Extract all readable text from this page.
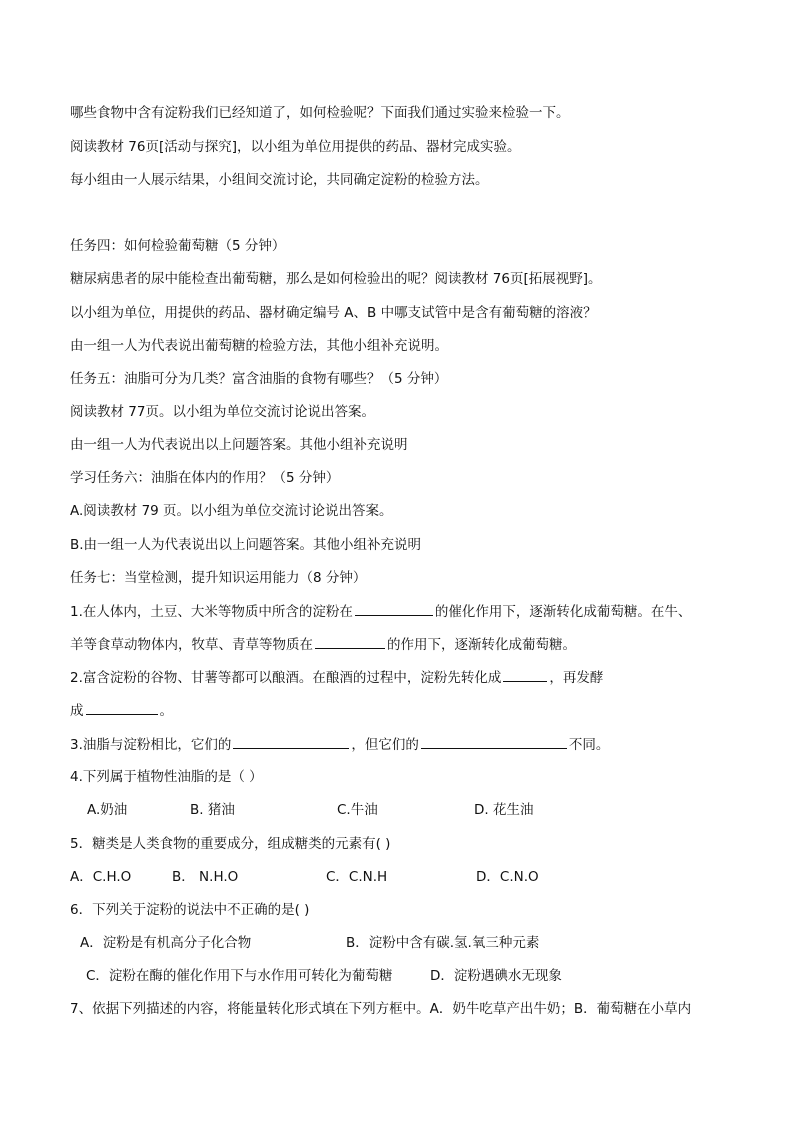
哪些食物中含有淀粉我们已经知道了，如何检验呢？下面我们通过实验来检验一下。
阅读教材 76页[活动与探究]，以小组为单位用提供的药品、器材完成实验。
每小组由一人展示结果，小组间交流讨论，共同确定淀粉的检验方法。
任务四：如何检验葡萄糖（5 分钟）
糖尿病患者的尿中能检查出葡萄糖，那么是如何检验出的呢？阅读教材 76页[拓展视野]。
以小组为单位，用提供的药品、器材确定编号 A、B 中哪支试管中是含有葡萄糖的溶液？
由一组一人为代表说出葡萄糖的检验方法，其他小组补充说明。
任务五：油脂可分为几类？富含油脂的食物有哪些？（5 分钟）
阅读教材 77页。以小组为单位交流讨论说出答案。
由一组一人为代表说出以上问题答案。其他小组补充说明
学习任务六：油脂在体内的作用？（5 分钟）
A.阅读教材 79 页。以小组为单位交流讨论说出答案。
B.由一组一人为代表说出以上问题答案。其他小组补充说明
任务七：当堂检测，提升知识运用能力（8 分钟）
1.在人体内，土豆、大米等物质中所含的淀粉在	的催化作用下，逐渐转化成葡萄糖。在牛、
羊等食草动物体内，牧草、青草等物质在	的作用下，逐渐转化成葡萄糖。
2.富含淀粉的谷物、甘薯等都可以酿酒。在酿酒的过程中，淀粉先转化成	，再发酵
成	。
3.油脂与淀粉相比，它们的	，但它们的	不同。
4.下列属于植物性油脂的是（ ）
A.奶油	B. 猪油	C.牛油	D. 花生油
5．糖类是人类食物的重要成分，组成糖类的元素有( )
A．C.H.O	B． N.H.O	C．C.N.H	D．C.N.O
6．下列关于淀粉的说法中不正确的是( )
A．淀粉是有机高分子化合物	B．淀粉中含有碳.氢.氧三种元素
C．淀粉在酶的催化作用下与水作用可转化为葡萄糖	D．淀粉遇碘水无现象
7、依据下列描述的内容，将能量转化形式填在下列方框中。A．奶牛吃草产出牛奶；B．葡萄糖在小草内
